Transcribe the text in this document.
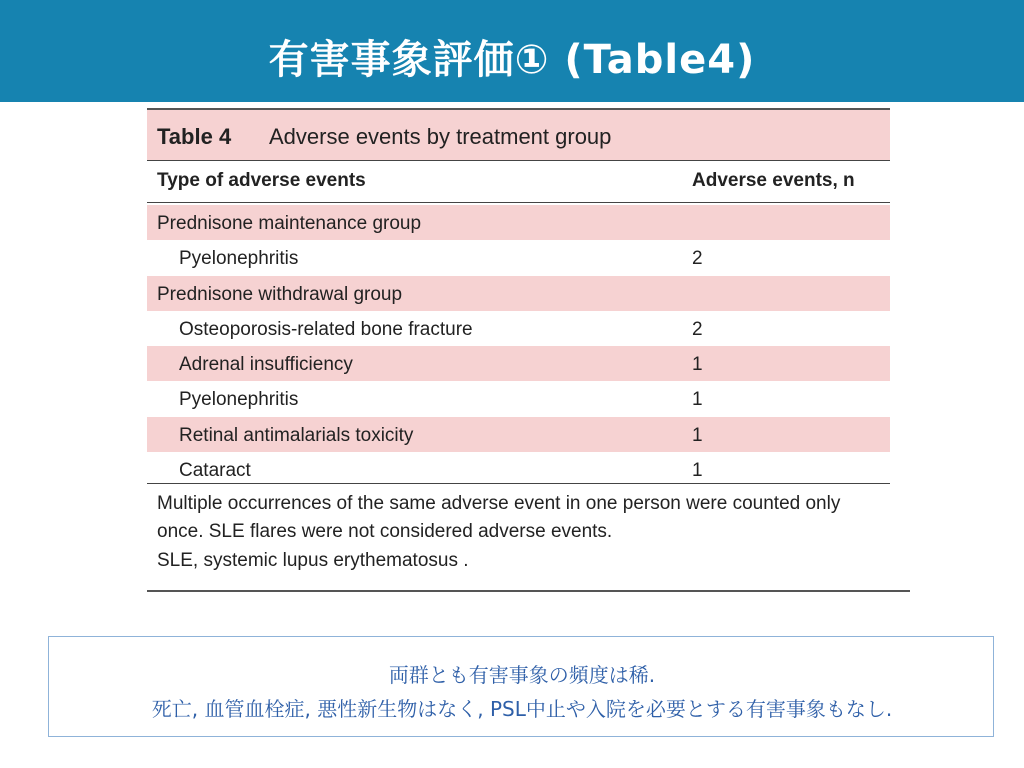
有害事象評価① (Table4)
Table 4 Adverse events by treatment group
Type of adverse events	Adverse events, n
Prednisone maintenance group
Pyelonephritis	2
Prednisone withdrawal group
Osteoporosis-related bone fracture	2
Adrenal insufficiency	1
Pyelonephritis	1
Retinal antimalarials toxicity	1
Cataract	1
Multiple occurrences of the same adverse event in one person were counted only
once. SLE flares were not considered adverse events.
SLE, systemic lupus erythematosus .
両群とも有害事象の頻度は稀.
死亡, 血管血栓症, 悪性新生物はなく, PSL中止や入院を必要とする有害事象もなし.
